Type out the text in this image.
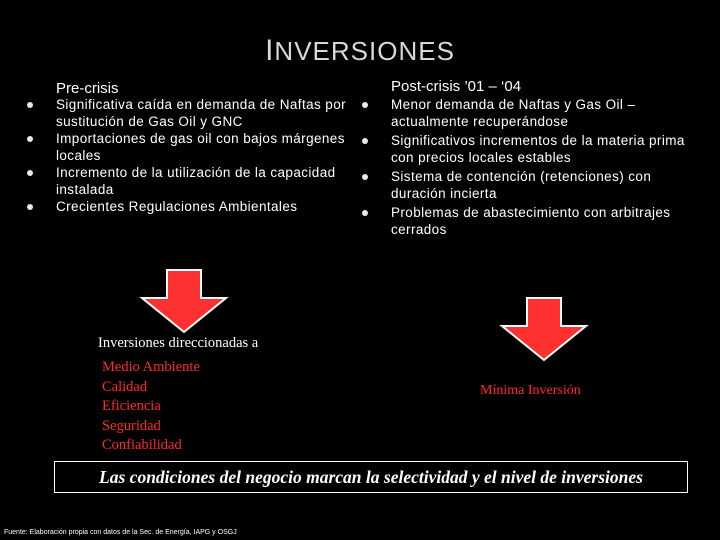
INVERSIONES
Pre-crisis	Post-crisis ’01 – ‘04
Significativa caída en demanda de Naftas por sustitución de Gas Oil y GNC
Importaciones de gas oil con bajos márgenes locales
Incremento de la utilización de la capacidad instalada
Crecientes Regulaciones Ambientales
Menor demanda de Naftas y Gas Oil – actualmente recuperándose
Significativos incrementos de la materia prima con precios locales estables
Sistema de contención (retenciones) con duración incierta
Problemas de abastecimiento con arbitrajes cerrados
Inversiones direccionadas a
Medio Ambiente
Calidad
Eficiencia
Seguridad
Confiabilidad
Mínima Inversión
Las condiciones del negocio marcan la selectividad y el nivel de inversiones
Fuente: Elaboración propia con datos de la Sec. de Energía, IAPG y OSGJ
